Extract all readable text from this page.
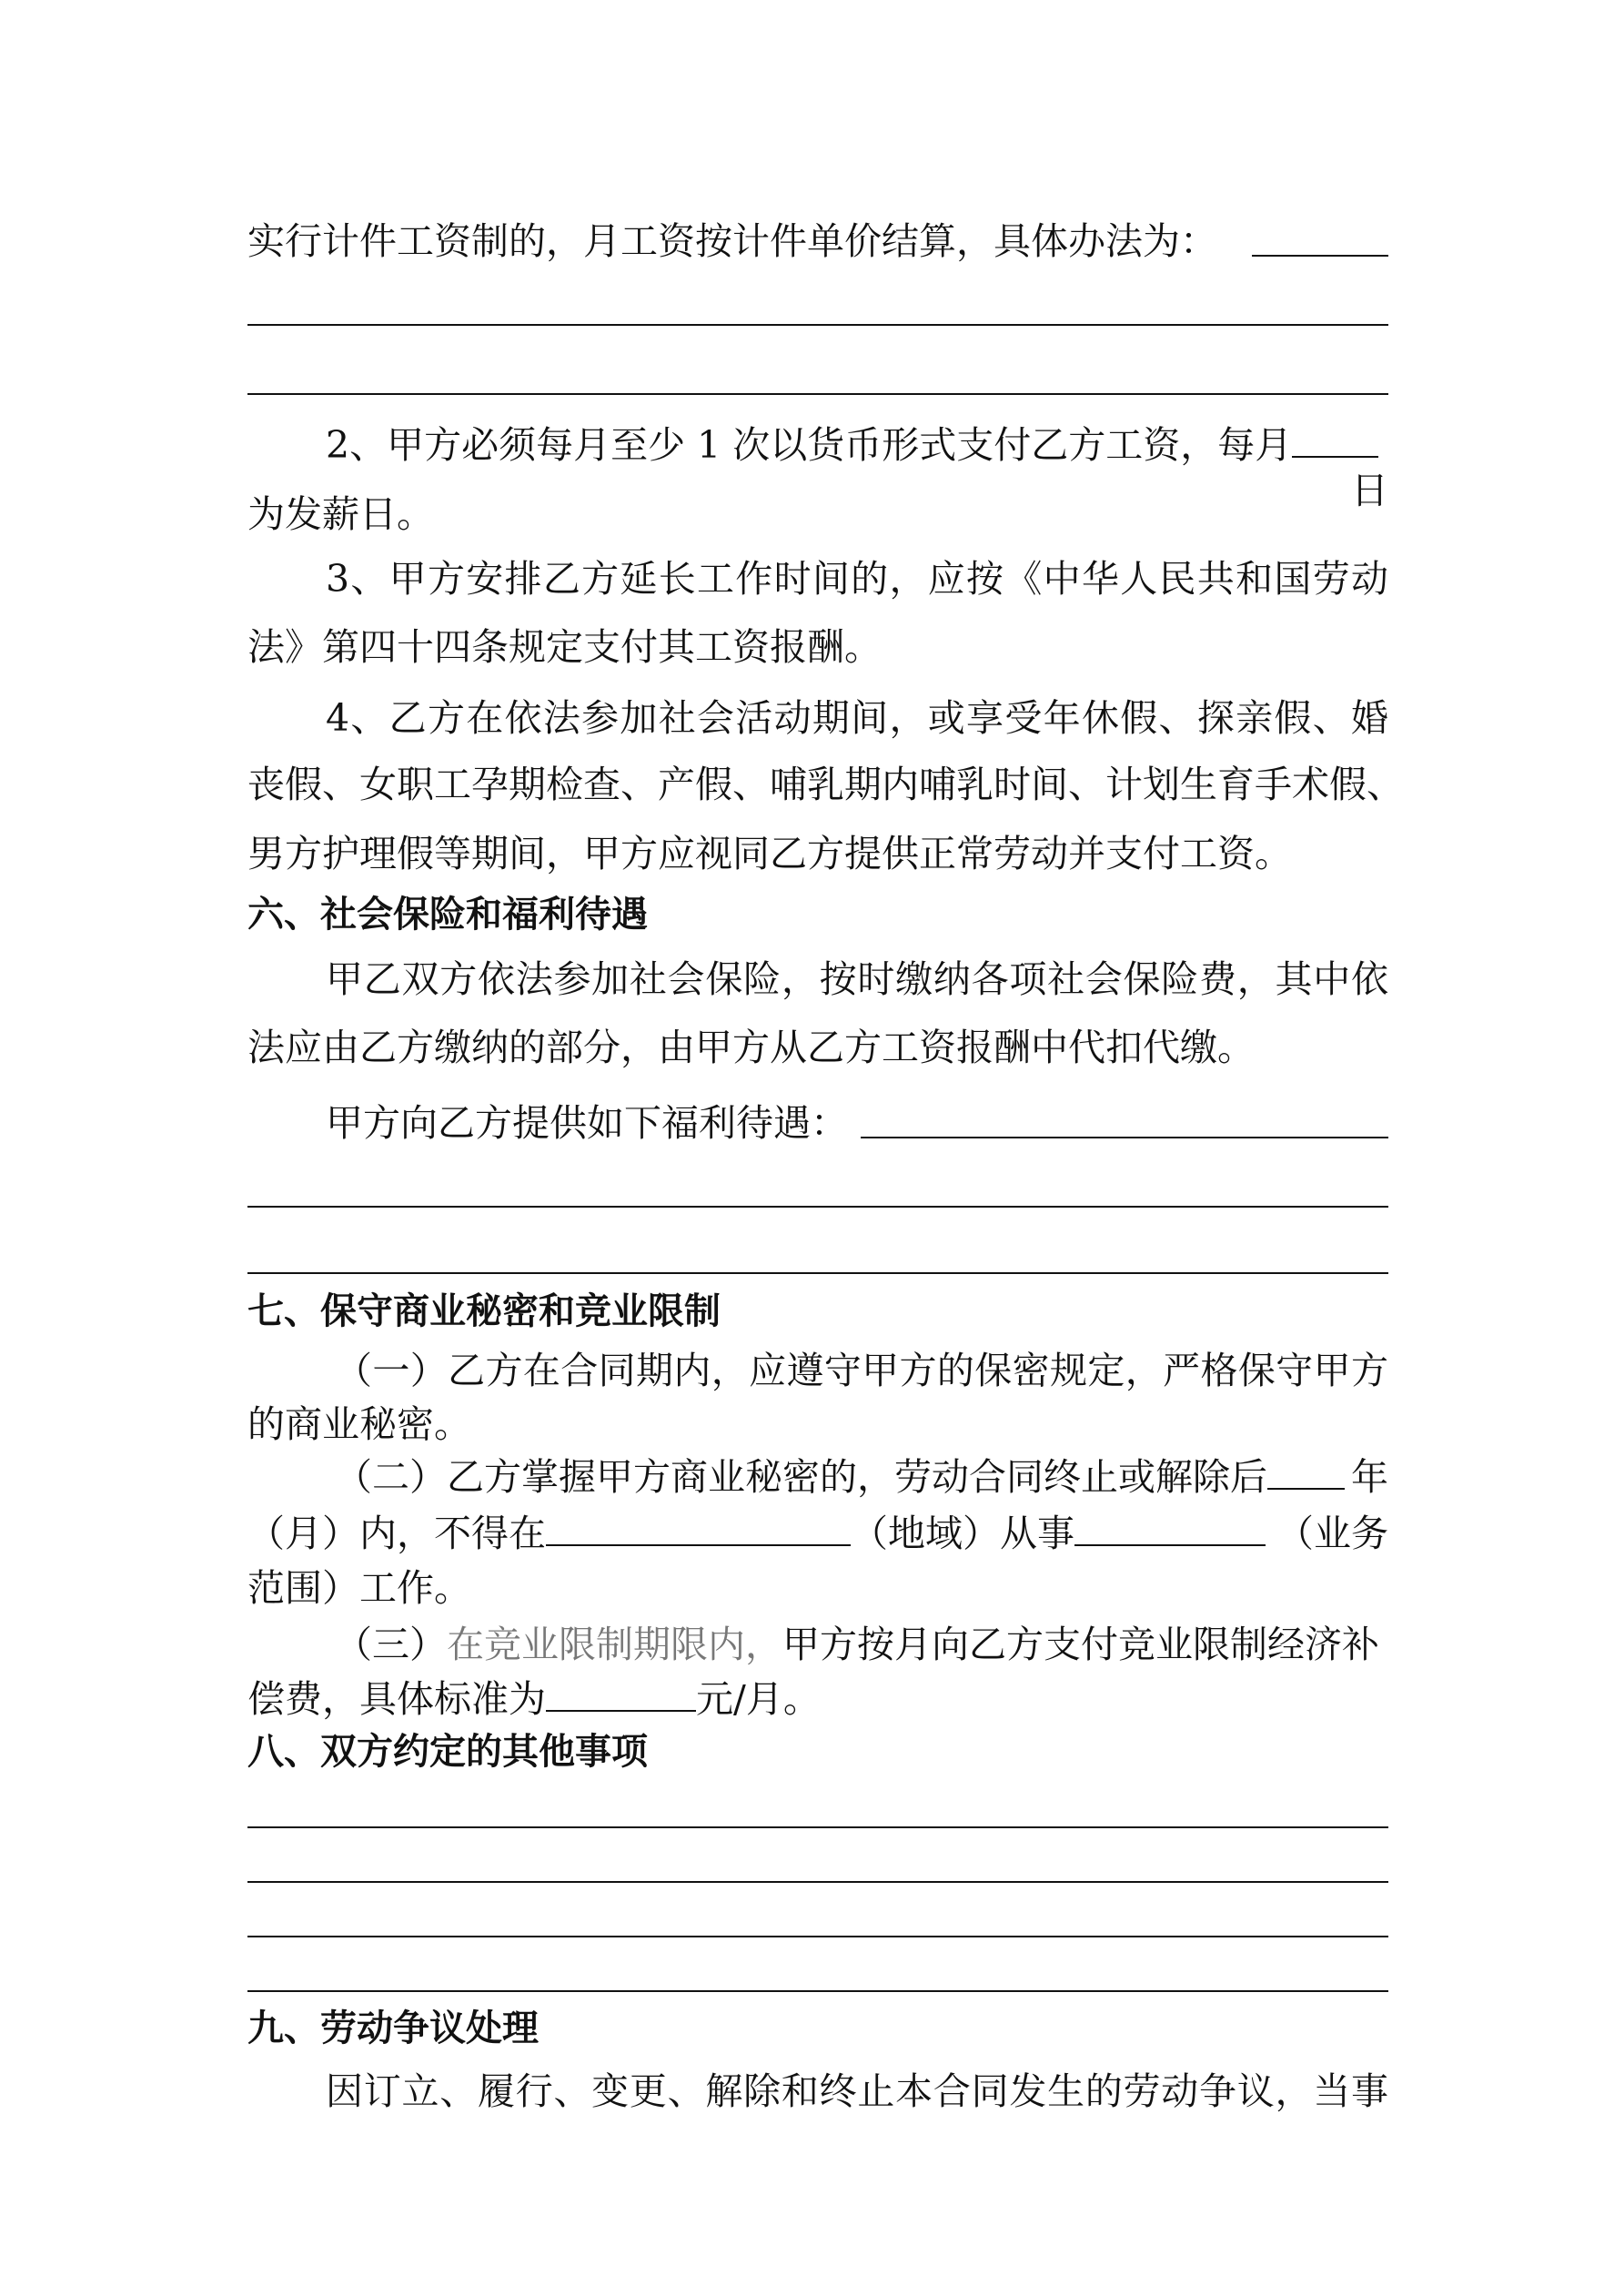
实行计件工资制的，月工资按计件单价结算，具体办法为：
2、甲方必须每月至少 1 次以货币形式支付乙方工资，每月
日
为发薪日。
3、甲方安排乙方延长工作时间的，应按《中华人民共和国劳动
法》第四十四条规定支付其工资报酬。
4、乙方在依法参加社会活动期间，或享受年休假、探亲假、婚
丧假、女职工孕期检查、产假、哺乳期内哺乳时间、计划生育手术假、
男方护理假等期间，甲方应视同乙方提供正常劳动并支付工资。
六、社会保险和福利待遇
甲乙双方依法参加社会保险，按时缴纳各项社会保险费，其中依
法应由乙方缴纳的部分，由甲方从乙方工资报酬中代扣代缴。
甲方向乙方提供如下福利待遇：
七、保守商业秘密和竞业限制
（一）乙方在合同期内，应遵守甲方的保密规定，严格保守甲方
的商业秘密。
（二）乙方掌握甲方商业秘密的，劳动合同终止或解除后 年
（月）内，不得在	（地域）从事	（业务
范围）工作。
（三）在竞业限制期限内，甲方按月向乙方支付竞业限制经济补
偿费，具体标准为	元/月。
八、双方约定的其他事项
九、劳动争议处理
因订立、履行、变更、解除和终止本合同发生的劳动争议，当事
